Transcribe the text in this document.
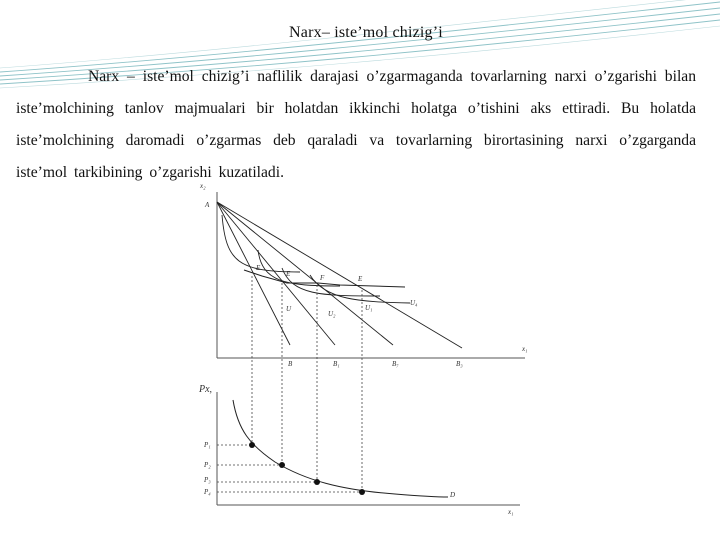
Narx– iste’mol chizig’i
Narx – iste’mol chizig’i naflilik darajasi o’zgarmaganda tovarlarning narxi o’zgarishi bilan iste’molchining tanlov majmualari bir holatdan ikkinchi holatga o’tishini aks ettiradi. Bu holatda iste’molchining daromadi o’zgarmas deb qaraladi va tovarlarning birortasining narxi o’zgarganda iste’mol tarkibining o’zgarishi kuzatiladi.
x₂
A
x₁
E
E	F	E
U
U₂
U₁
U₄
B	B₁	B₇	B₃
Px,
P₁
P₂
P₃
P₄	D
x₁
